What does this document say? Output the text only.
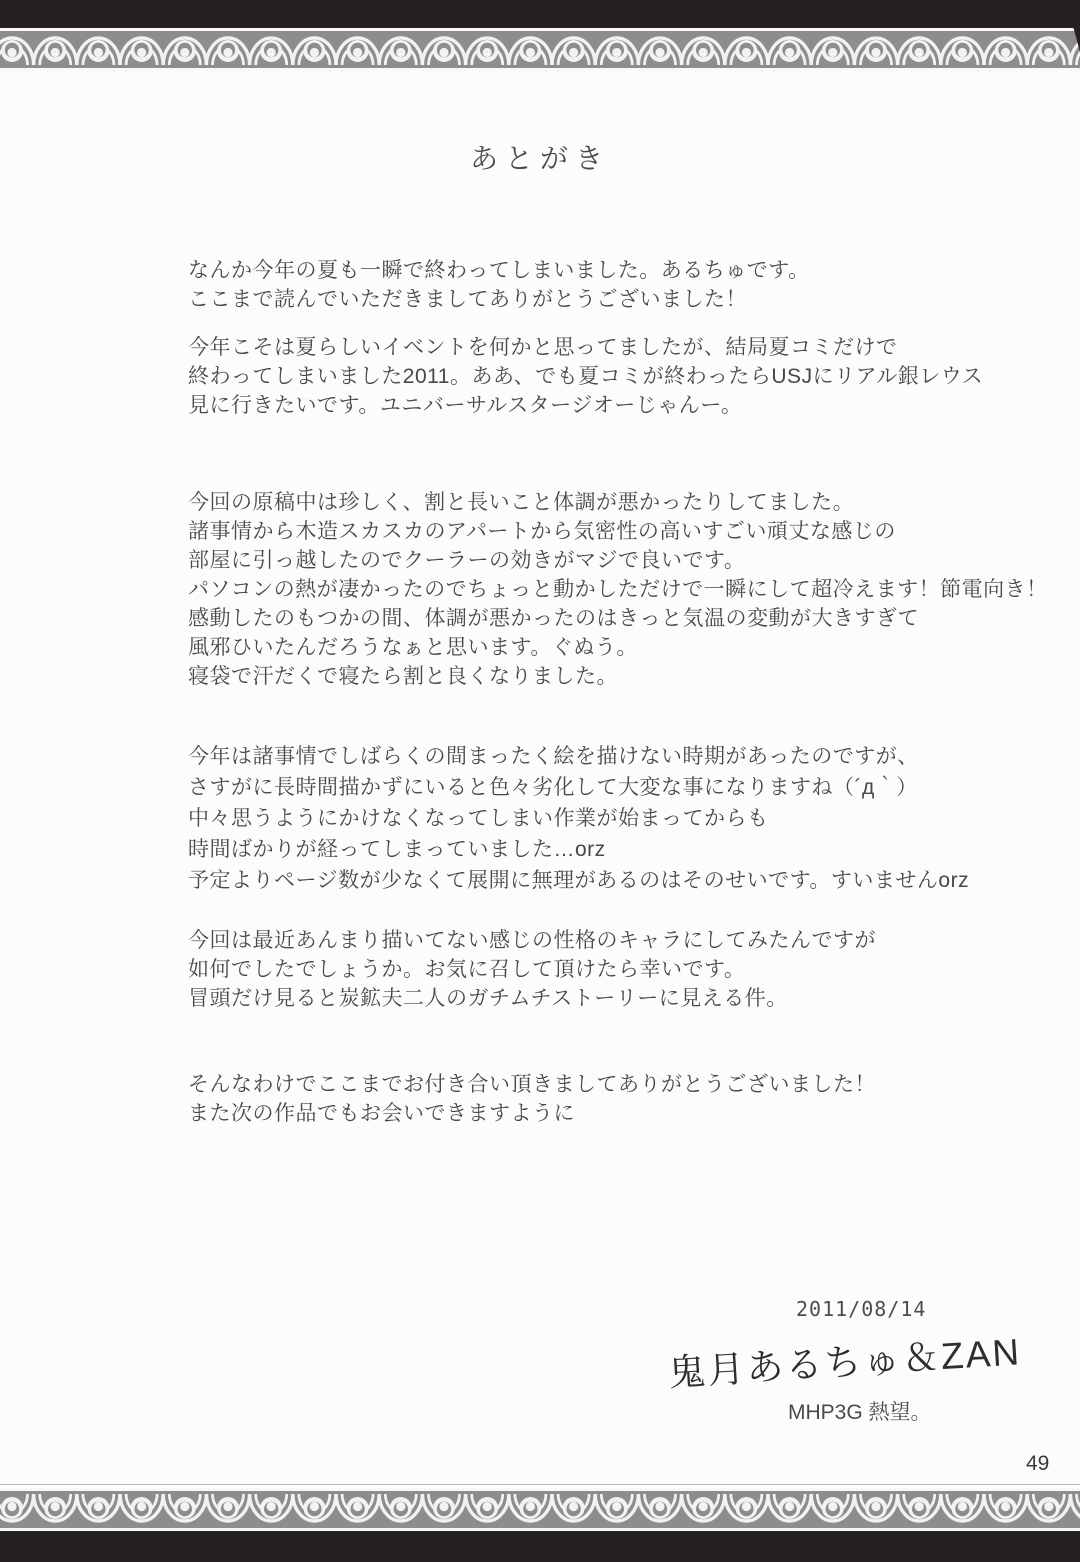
あとがき
なんか今年の夏も一瞬で終わってしまいました。あるちゅです。
ここまで読んでいただきましてありがとうございました！
今年こそは夏らしいイベントを何かと思ってましたが、結局夏コミだけで
終わってしまいました2011。ああ、でも夏コミが終わったらUSJにリアル銀レウス
見に行きたいです。ユニバーサルスタージオーじゃんー。
今回の原稿中は珍しく、割と長いこと体調が悪かったりしてました。
諸事情から木造スカスカのアパートから気密性の高いすごい頑丈な感じの
部屋に引っ越したのでクーラーの効きがマジで良いです。
パソコンの熱が凄かったのでちょっと動かしただけで一瞬にして超冷えます！節電向き！
感動したのもつかの間、体調が悪かったのはきっと気温の変動が大きすぎて
風邪ひいたんだろうなぁと思います。ぐぬう。
寝袋で汗だくで寝たら割と良くなりました。
今年は諸事情でしばらくの間まったく絵を描けない時期があったのですが、
さすがに長時間描かずにいると色々劣化して大変な事になりますね（´д｀）
中々思うようにかけなくなってしまい作業が始まってからも
時間ばかりが経ってしまっていました…orz
予定よりページ数が少なくて展開に無理があるのはそのせいです。すいませんorz
今回は最近あんまり描いてない感じの性格のキャラにしてみたんですが
如何でしたでしょうか。お気に召して頂けたら幸いです。
冒頭だけ見ると炭鉱夫二人のガチムチストーリーに見える件。
そんなわけでここまでお付き合い頂きましてありがとうございました！
また次の作品でもお会いできますように
2011/08/14
鬼月あるちゅ＆ZAN
MHP3G 熱望。
49
